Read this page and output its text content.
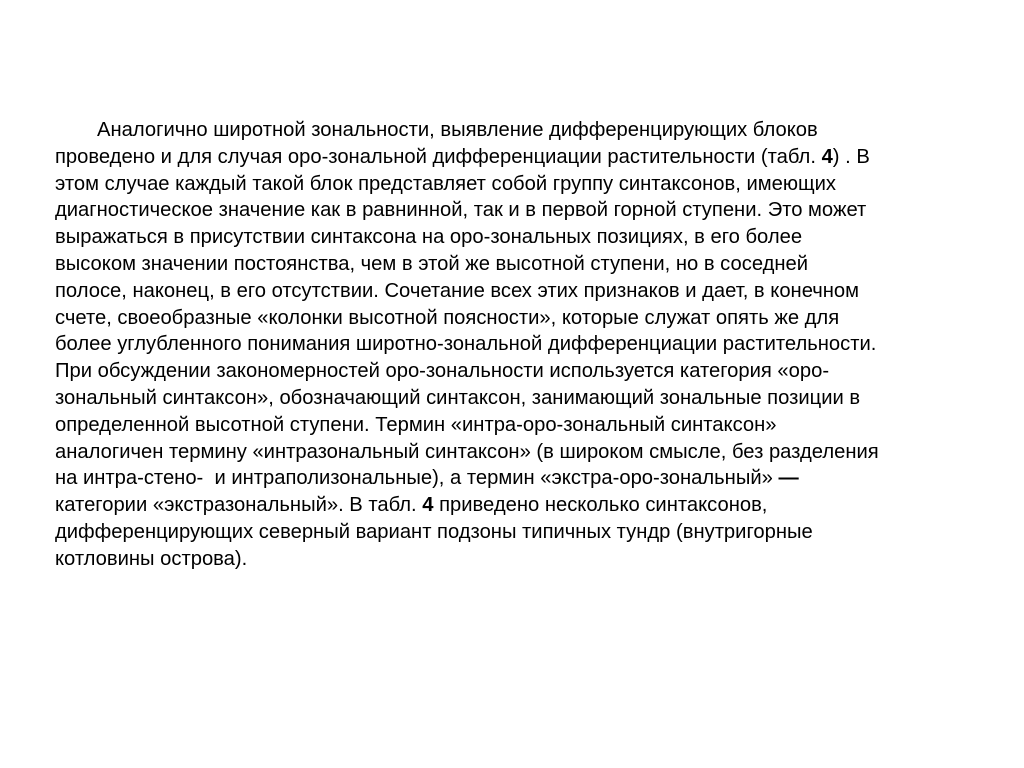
Аналогично широтной зональности, выявление дифференцирующих блоков
проведено и для случая оро-зональной дифференциации растительности (табл. 4) . В
этом случае каждый такой блок представляет собой группу синтаксонов, имеющих
диагностическое значение как в равнинной, так и в первой горной ступени. Это может
выражаться в присутствии синтаксона на оро-зональных позициях, в его более
высоком значении постоянства, чем в этой же высотной ступени, но в соседней
полосе, наконец, в его отсутствии. Сочетание всех этих признаков и дает, в конечном
счете, своеобразные «колонки высотной поясности», которые служат опять же для
более углубленного понимания широтно-зональной дифференциации растительности.
При обсуждении закономерностей оро-зональности используется категория «оро-
зональный синтаксон», обозначающий синтаксон, занимающий зональные позиции в
определенной высотной ступени. Термин «интра-оро-зональный синтаксон»
аналогичен термину «интразональный синтаксон» (в широком смысле, без разделения
на интра-стено-  и интраполизональные), а термин «экстра-оро-зональный» —
категории «экстразональный». В табл. 4 приведено несколько синтаксонов,
дифференцирующих северный вариант подзоны типичных тундр (внутригорные
котловины острова).
